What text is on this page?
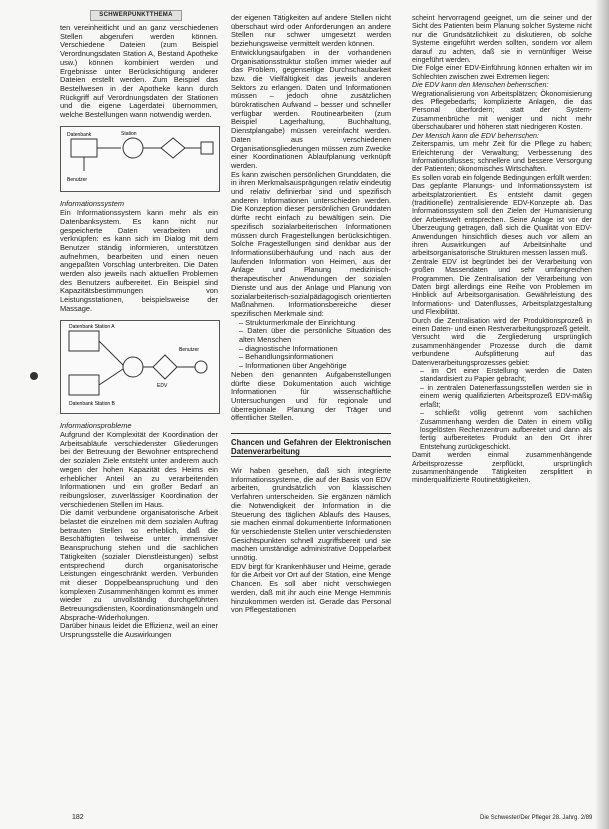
SCHWERPUNKTTHEMA

ten vereinheitlicht und an ganz verschiedenen Stellen abgerufen werden können. Verschiedene Dateien (zum Beispiel Verordnungsdaten Station A, Bestand Apotheke usw.) können kombiniert werden und Ergebnisse unter Berücksichtigung anderer Dateien erstellt werden. Zum Beispiel das Bestellwesen in der Apotheke kann durch Rückgriff auf Verordnungsdaten der Stationen und die eigene Lagerdatei übernommen, welche Bestellungen wann notwendig werden.

Datenbank
Benutzer
Station

Informationssystem

Ein Informationssystem kann mehr als ein Datenbanksystem. Es kann nicht nur gespeicherte Daten verarbeiten und verknüpfen: es kann sich im Dialog mit dem Benutzer ständig informieren, unterstützen aufnehmen, bearbeiten und einen neuen angepaßten Vorschlag unterbreiten. Die Daten werden also jeweils nach aktuellen Problemen des Benutzers aufbereitet. Ein Beispiel sind Kapazitätsbestimmungen von Leistungsstationen, beispielsweise der Massage.

Datenbank Station A
Datenbank Station B
EDV
Benutzer

Informationsprobleme

Aufgrund der Komplexität der Koordination der Arbeitsabläufe verschiedenster Gliederungen bei der Betreuung der Bewohner entsprechend der sozialen Ziele entsteht unter anderem auch wegen der hohen Kapazität des Heims ein erheblicher Anteil an zu verarbeitenden Informationen und ein großer Bedarf an reibungsloser, zuverlässiger Koordination der verschiedenen Stellen im Haus.

Die damit verbundene organisatorische Arbeit belastet die einzelnen mit dem sozialen Auftrag betrauten Stellen so erheblich, daß die Beschäftigten teilweise unter immensiver Beanspruchung stehen und die sachlichen Tätigkeiten (sozialer Dienstleistungen) selbst entsprechend durch organisatorische Leistungen eingeschränkt werden. Verbunden mit dieser Doppelbeanspruchung und den komplexen Zusammenhängen kommt es immer wieder zu unvollständig durchgeführten Betreuungsdiensten, Koordinationsmängeln und Absprache-Widerholungen.

Darüber hinaus leidet die Effizienz, weil an einer Ursprungsstelle die Auswirkungen

der eigenen Tätigkeiten auf andere Stellen nicht überschaut wird oder Anforderungen an andere Stellen nur schwer umgesetzt werden beziehungsweise vermittelt werden können.

Entwicklungsaufgaben in der vorhandenen Organisationsstruktur stoßen immer wieder auf das Problem, gegenseitige Durchschaubarkeit bzw. die Vielfältigkeit das jeweils anderen Sektors zu erlangen. Daten und Informationen müssen – jedoch ohne zusätzlichen bürokratischen Aufwand – besser und schneller verfügbar werden. Routinearbeiten (zum Beispiel Lagerhaltung, Buchhaltung, Dienstplangabe) müssen vereinfacht werden. Daten aus verschiedenen Organisationsgliederungen müssen zum Zwecke einer Koordinationen Ablaufplanung verknüpft werden.

Es kann zwischen persönlichen Grunddaten, die in ihren Merkmalsausprägungen relativ eindeutig und relativ definierbar sind und spezifisch anderen Informationen unterschieden werden. Die Konzeption dieser persönlichen Grunddaten dürfte recht einfach zu bewältigen sein. Die spezifisch sozialarbeiterischen Informationen müssen durch Fragestellungen berücksichtigen. Solche Fragestellungen sind denkbar aus der Informationsüberhäufung und nach aus der laufenden Information von Heimen, aus der Anlage und Planung medizinisch-therapeutischer Anwendungen der sozialen Dienste und aus der Anlage und Planung von sozialarbeiterisch-sozialpädagogisch orientierten Maßnahmen. Informationsbereiche dieser spezifischen Merkmale sind:

– Strukturmerkmale der Einrichtung
– Daten über die persönliche Situation des alten Menschen
– diagnostische Informationen
– Behandlungsinformationen
– Informationen über Angehörige

Neben den genannten Aufgabenstellungen dürfte diese Dokumentation auch wichtige Informationen für wissenschaftliche Untersuchungen und für regionale und überregionale Planung der Träger und öffentlicher Stellen.

Chancen und Gefahren der Elektronischen Datenverarbeitung

Wir haben gesehen, daß sich integrierte Informationssysteme, die auf der Basis von EDV arbeiten, grundsätzlich von klassischen Verfahren unterscheiden. Sie ergänzen nämlich die Notwendigkeit der Information in die Steuerung des täglichen Ablaufs des Hauses, sie machen einmal dokumentierte Informationen für verschiedenste Stellen unter verschiedensten Gesichtspunkten schnell zugriffsbereit und sie machen umständige administrative Doppelarbeit unnötig.

EDV birgt für Krankenhäuser und Heime, gerade für die Arbeit vor Ort auf der Station, eine Menge Chancen. Es soll aber nicht verschwiegen werden, daß mit ihr auch eine Menge Hemmnis hinzukommen werden ist. Gerade das Personal von Pflegestationen

scheint hervorragend geeignet, um die seiner und der Sicht des Patienten beim Planung solcher Systeme nicht nur die Grundsätzlichkeit zu diskutieren, ob solche Systeme eingeführt werden sollten, sondern vor allem darauf zu achten, daß sie in vernünftiger Weise eingeführt werden.

Die Folge einer EDV-Einführung können erhalten wir im Schlechten zwischen zwei Extremen liegen:

Die EDV kann den Menschen beherrschen:

Wegrationalisierung von Arbeitsplätzen; Ökonomisierung des Pflegebedarfs; komplizierte Anlagen, die das Personal überfordern; statt der System-Zusammenbrüche mit weniger und nicht mehr überschaubarer und höheren statt niedrigeren Kosten.

Der Mensch kann die EDV beherrschen:

Zeitersparnis, um mehr Zeit für die Pflege zu haben; Erleichterung der Verwaltung; Verbesserung des Informationsflusses; schnellere und bessere Versorgung der Patienten; ökonomisches Wirtschaften.

Es sollen vorab ein folgende Bedingungen erfüllt werden:

Das geplante Planungs- und Informationssystem ist arbeitsplatzorientiert. Es entsteht damit gegen (traditionelle) zentralisierende EDV-Konzepte ab. Das Informationssystem soll den Zielen der Humanisierung der Arbeitswelt entsprechen. Seine Anlage ist vor der Überzeugung getragen, daß sich die Qualität von EDV-Anwendungen hinsichtlich dieses auch vor allem an ihren Auswirkungen auf Arbeitsinhalte und arbeitsorganisatorische Strukturen messen lassen muß.

Zentrale EDV ist begründet bei der Verarbeitung von großen Massendaten und sehr umfangreichen Programmen. Die Zentralisation der Verarbeitung von Daten birgt allerdings eine Reihe von Problemen im Hinblick auf Arbeitsorganisation. Gewährleistung des Informations- und Datenflusses, Arbeitsplatzgestaltung und Flexibilität.

Durch die Zentralisation wird der Produktionsprozeß in einen Daten- und einen Restverarbeitungsprozeß geteilt.

Versucht wird die Zergliederung ursprünglich zusammenhängender Prozesse durch die damit verbundene Aufsplitterung auf das Datenverarbeitungsprozesses gebiet:

– im Ort einer Erstellung werden die Daten standardisiert zu Papier gebracht;
– in zentralen Datenerfassungsstellen werden sie in einem wenig qualifizierten Arbeitsprozeß EDV-mäßig erfaßt;
– schließt völlig getrennt vom sachlichen Zusammenhang werden die Daten in einem völlig losgelösten Rechenzentrum aufbereitet und dann als fertig aufbereitetes Produkt an den Ort ihrer Entstehung zurückgeschickt.

Damit werden einmal zusammenhängende Arbeitsprozesse zerpflückt, ursprünglich zusammenhängende Tätigkeiten zersplittert in minderqualifizierte Routinetätigkeiten.

182	Die Schwester/Der Pfleger 28. Jahrg. 2/89
